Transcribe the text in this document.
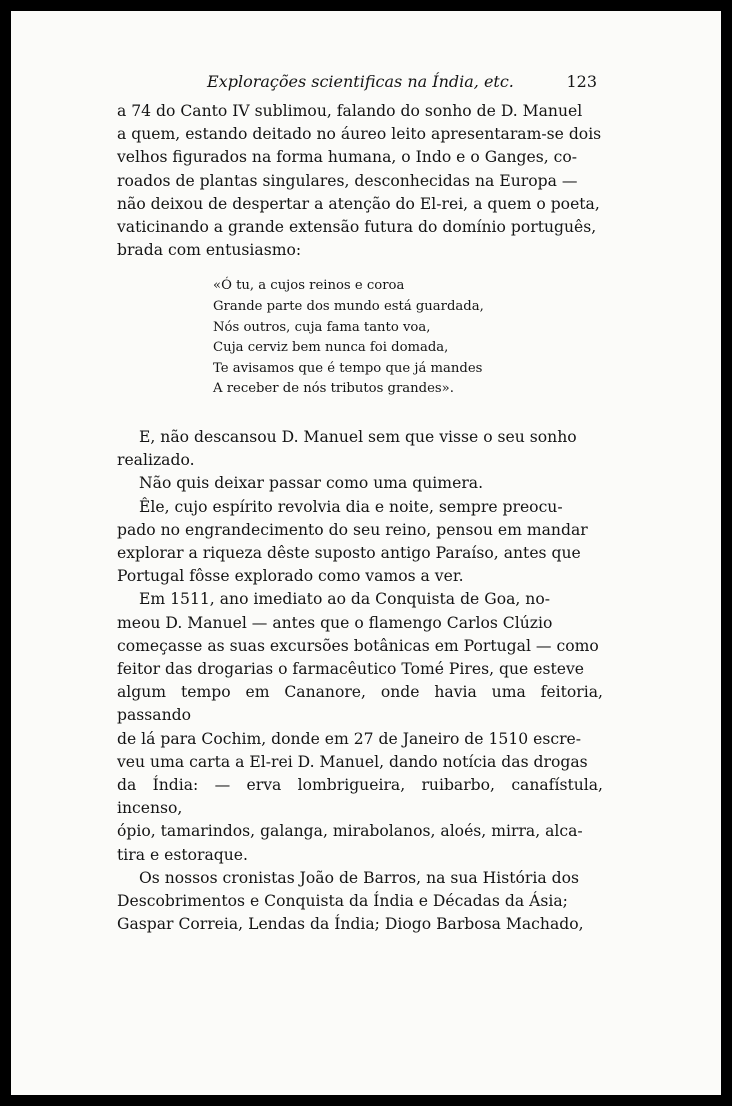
Explorações scientificas na Índia, etc.	123

a 74 do Canto IV sublimou, falando do sonho de D. Manuel
a quem, estando deitado no áureo leito apresentaram-se dois
velhos figurados na forma humana, o Indo e o Ganges, co-
roados de plantas singulares, desconhecidas na Europa —
não deixou de despertar a atenção do El-rei, a quem o poeta,
vaticinando a grande extensão futura do domínio português,
brada com entusiasmo:

«Ó tu, a cujos reinos e coroa
Grande parte dos mundo está guardada,
Nós outros, cuja fama tanto voa,
Cuja cerviz bem nunca foi domada,
Te avisamos que é tempo que já mandes
A receber de nós tributos grandes».

E, não descansou D. Manuel sem que visse o seu sonho
realizado.

Não quis deixar passar como uma quimera.

Êle, cujo espírito revolvia dia e noite, sempre preocu-
pado no engrandecimento do seu reino, pensou em mandar
explorar a riqueza dêste suposto antigo Paraíso, antes que
Portugal fôsse explorado como vamos a ver.

Em 1511, ano imediato ao da Conquista de Goa, no-
meou D. Manuel — antes que o flamengo Carlos Clúzio
começasse as suas excursões botânicas em Portugal — como
feitor das drogarias o farmacêutico Tomé Pires, que esteve
algum tempo em Cananore, onde havia uma feitoria, passando
de lá para Cochim, donde em 27 de Janeiro de 1510 escre-
veu uma carta a El-rei D. Manuel, dando notícia das drogas
da Índia: — erva lombrigueira, ruibarbo, canafístula, incenso,
ópio, tamarindos, galanga, mirabolanos, aloés, mirra, alca-
tira e estoraque.

Os nossos cronistas João de Barros, na sua História dos
Descobrimentos e Conquista da Índia e Décadas da Ásia;
Gaspar Correia, Lendas da Índia; Diogo Barbosa Machado,
